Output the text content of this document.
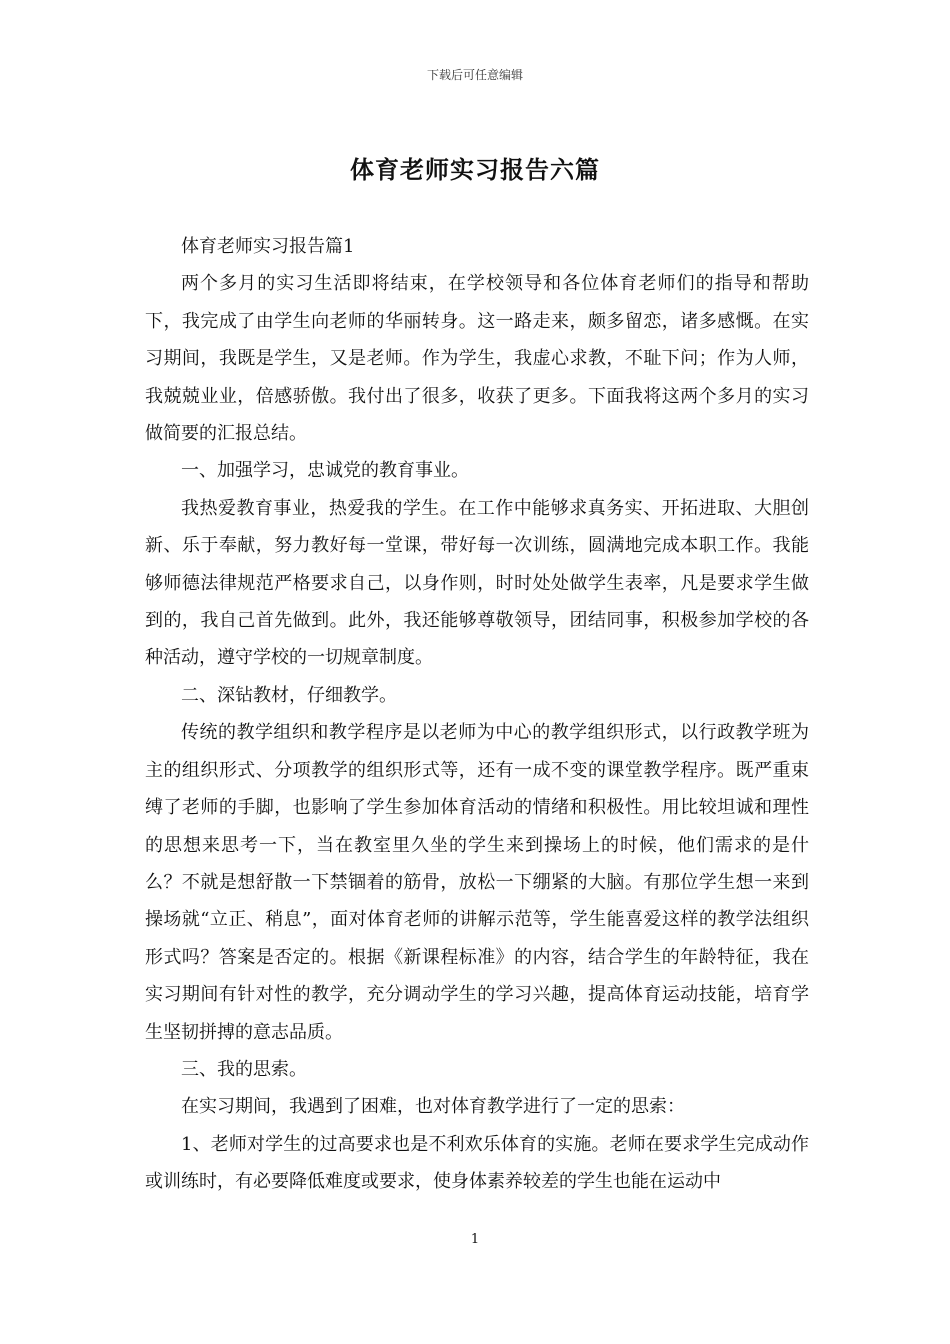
下载后可任意编辑
体育老师实习报告六篇

体育老师实习报告篇1

两个多月的实习生活即将结束，在学校领导和各位体育老师们的指导和帮助下，我完成了由学生向老师的华丽转身。这一路走来，颇多留恋，诸多感慨。在实习期间，我既是学生，又是老师。作为学生，我虚心求教，不耻下问；作为人师，我兢兢业业，倍感骄傲。我付出了很多，收获了更多。下面我将这两个多月的实习做简要的汇报总结。

一、加强学习，忠诚党的教育事业。

我热爱教育事业，热爱我的学生。在工作中能够求真务实、开拓进取、大胆创新、乐于奉献，努力教好每一堂课，带好每一次训练，圆满地完成本职工作。我能够师德法律规范严格要求自己，以身作则，时时处处做学生表率，凡是要求学生做到的，我自己首先做到。此外，我还能够尊敬领导，团结同事，积极参加学校的各种活动，遵守学校的一切规章制度。

二、深钻教材，仔细教学。

传统的教学组织和教学程序是以老师为中心的教学组织形式，以行政教学班为主的组织形式、分项教学的组织形式等，还有一成不变的课堂教学程序。既严重束缚了老师的手脚，也影响了学生参加体育活动的情绪和积极性。用比较坦诚和理性的思想来思考一下，当在教室里久坐的学生来到操场上的时候，他们需求的是什么？不就是想舒散一下禁锢着的筋骨，放松一下绷紧的大脑。有那位学生想一来到操场就“立正、稍息”，面对体育老师的讲解示范等，学生能喜爱这样的教学法组织形式吗？答案是否定的。根据《新课程标准》的内容，结合学生的年龄特征，我在实习期间有针对性的教学，充分调动学生的学习兴趣，提高体育运动技能，培育学生坚韧拼搏的意志品质。

三、我的思索。

在实习期间，我遇到了困难，也对体育教学进行了一定的思索：

1、老师对学生的过高要求也是不利欢乐体育的实施。老师在要求学生完成动作或训练时，有必要降低难度或要求，使身体素养较差的学生也能在运动中

1
